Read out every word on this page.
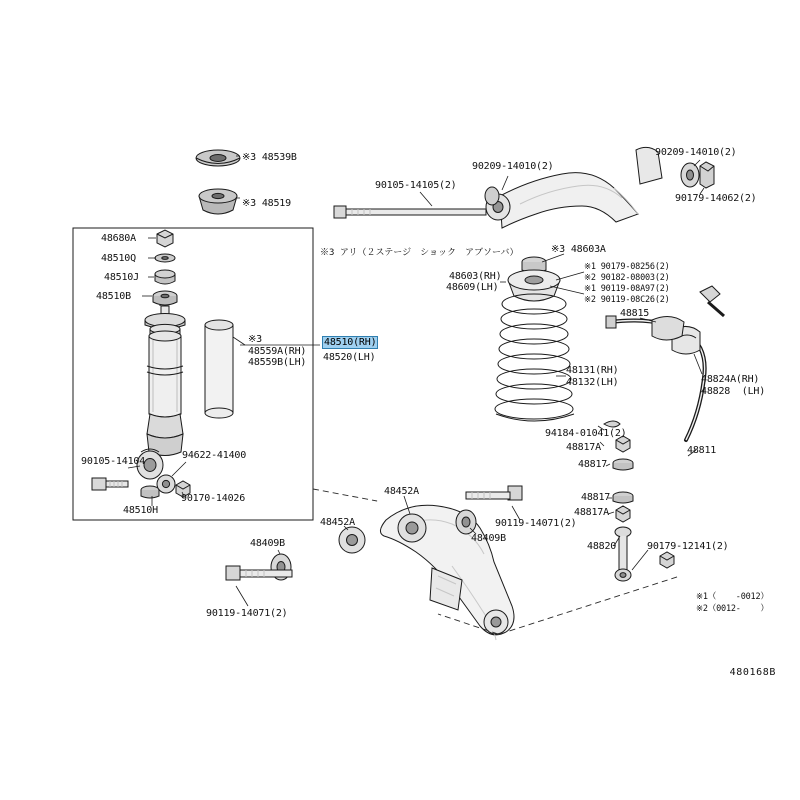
※3 48539B
※3 48519
48680A
48510Q
48510J
48510B
※3
48559A(RH)
48559B(LH)
48510(RH)
48520(LH)
90105-14104
94622-41400
90170-14026
48510H
90105-14105(2)
90209-14010(2)
90209-14010(2)
90179-14062(2)
※3 48603A
48603(RH)
48609(LH)
※1 90179-08256(2)
※2 90182-08003(2)
※1 90119-08A97(2)
※2 90119-08C26(2)
48815
48131(RH)
48132(LH)	48824A(RH)
48828  (LH)
94184-01041(2)
48817A
48817
48811
48817
48817A
48820	90179-12141(2)
48452A
48452A	90119-14071(2)
48409B
48409B
90119-14071(2)
※3 アリ（２ステージ　ショック　アブソーバ）
※1（    -0012）
※2（0012-    ）
480168B
